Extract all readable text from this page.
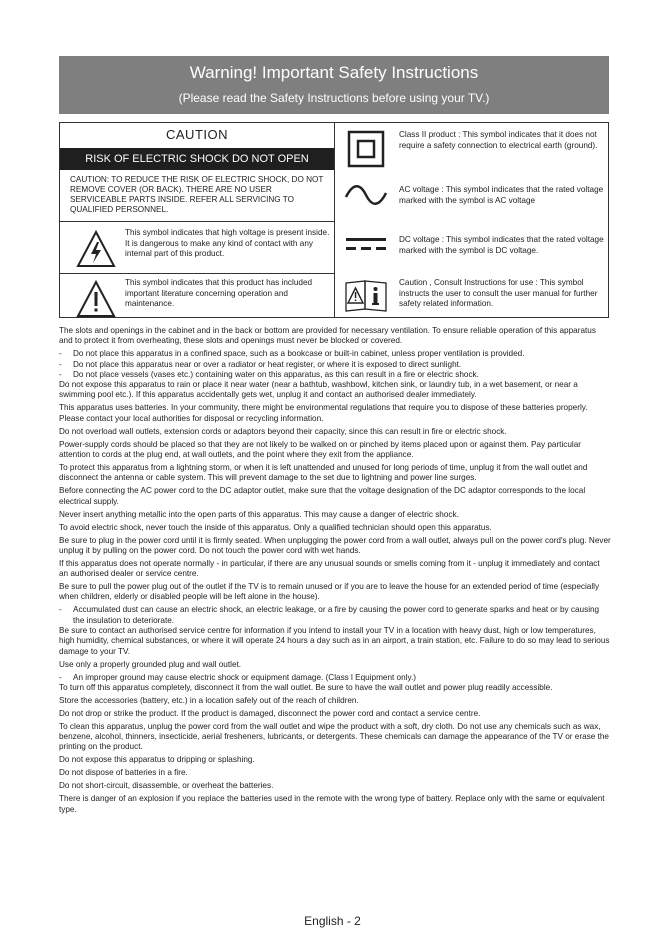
Warning! Important Safety Instructions
(Please read the Safety Instructions before using your TV.)
CAUTION
RISK OF ELECTRIC SHOCK DO NOT OPEN
CAUTION: TO REDUCE THE RISK OF ELECTRIC SHOCK, DO NOT REMOVE COVER (OR BACK). THERE ARE NO USER SERVICEABLE PARTS INSIDE. REFER ALL SERVICING TO QUALIFIED PERSONNEL.
This symbol indicates that high voltage is present inside. It is dangerous to make any kind of contact with any internal part of this product.
This symbol indicates that this product has included important literature concerning operation and maintenance.
Class II product : This symbol indicates that it does not require a safety connection to electrical earth (ground).
AC voltage : This symbol indicates that the rated voltage marked with the symbol is AC voltage
DC voltage : This symbol indicates that the rated voltage marked with the symbol is DC voltage.
Caution , Consult Instructions for use : This symbol instructs the user to consult the user manual for further safety related information.

The slots and openings in the cabinet and in the back or bottom are provided for necessary ventilation. To ensure reliable operation of this apparatus and to protect it from overheating, these slots and openings must never be blocked or covered.

- Do not place this apparatus in a confined space, such as a bookcase or built-in cabinet, unless proper ventilation is provided.

- Do not place this apparatus near or over a radiator or heat register, or where it is exposed to direct sunlight.

- Do not place vessels (vases etc.) containing water on this apparatus, as this can result in a fire or electric shock.

Do not expose this apparatus to rain or place it near water (near a bathtub, washbowl, kitchen sink, or laundry tub, in a wet basement, or near a swimming pool etc.). If this apparatus accidentally gets wet, unplug it and contact an authorised dealer immediately.

This apparatus uses batteries. In your community, there might be environmental regulations that require you to dispose of these batteries properly. Please contact your local authorities for disposal or recycling information.

Do not overload wall outlets, extension cords or adaptors beyond their capacity, since this can result in fire or electric shock.

Power-supply cords should be placed so that they are not likely to be walked on or pinched by items placed upon or against them. Pay particular attention to cords at the plug end, at wall outlets, and the point where they exit from the appliance.

To protect this apparatus from a lightning storm, or when it is left unattended and unused for long periods of time, unplug it from the wall outlet and disconnect the antenna or cable system. This will prevent damage to the set due to lightning and power line surges.

Before connecting the AC power cord to the DC adaptor outlet, make sure that the voltage designation of the DC adaptor corresponds to the local electrical supply.

Never insert anything metallic into the open parts of this apparatus. This may cause a danger of electric shock.

To avoid electric shock, never touch the inside of this apparatus. Only a qualified technician should open this apparatus.

Be sure to plug in the power cord until it is firmly seated. When unplugging the power cord from a wall outlet, always pull on the power cord's plug. Never unplug it by pulling on the power cord. Do not touch the power cord with wet hands.

If this apparatus does not operate normally - in particular, if there are any unusual sounds or smells coming from it - unplug it immediately and contact an authorised dealer or service centre.

Be sure to pull the power plug out of the outlet if the TV is to remain unused or if you are to leave the house for an extended period of time (especially when children, elderly or disabled people will be left alone in the house).

- Accumulated dust can cause an electric shock, an electric leakage, or a fire by causing the power cord to generate sparks and heat or by causing the insulation to deteriorate.

Be sure to contact an authorised service centre for information if you intend to install your TV in a location with heavy dust, high or low temperatures, high humidity, chemical substances, or where it will operate 24 hours a day such as in an airport, a train station, etc. Failure to do so may lead to serious damage to your TV.

Use only a properly grounded plug and wall outlet.

- An improper ground may cause electric shock or equipment damage. (Class l Equipment only.)

To turn off this apparatus completely, disconnect it from the wall outlet. Be sure to have the wall outlet and power plug readily accessible.

Store the accessories (battery, etc.) in a location safely out of the reach of children.

Do not drop or strike the product. If the product is damaged, disconnect the power cord and contact a service centre.

To clean this apparatus, unplug the power cord from the wall outlet and wipe the product with a soft, dry cloth. Do not use any chemicals such as wax, benzene, alcohol, thinners, insecticide, aerial fresheners, lubricants, or detergents. These chemicals can damage the appearance of the TV or erase the printing on the product.

Do not expose this apparatus to dripping or splashing.

Do not dispose of batteries in a fire.

Do not short-circuit, disassemble, or overheat the batteries.

There is danger of an explosion if you replace the batteries used in the remote with the wrong type of battery. Replace only with the same or equivalent type.

English - 2
